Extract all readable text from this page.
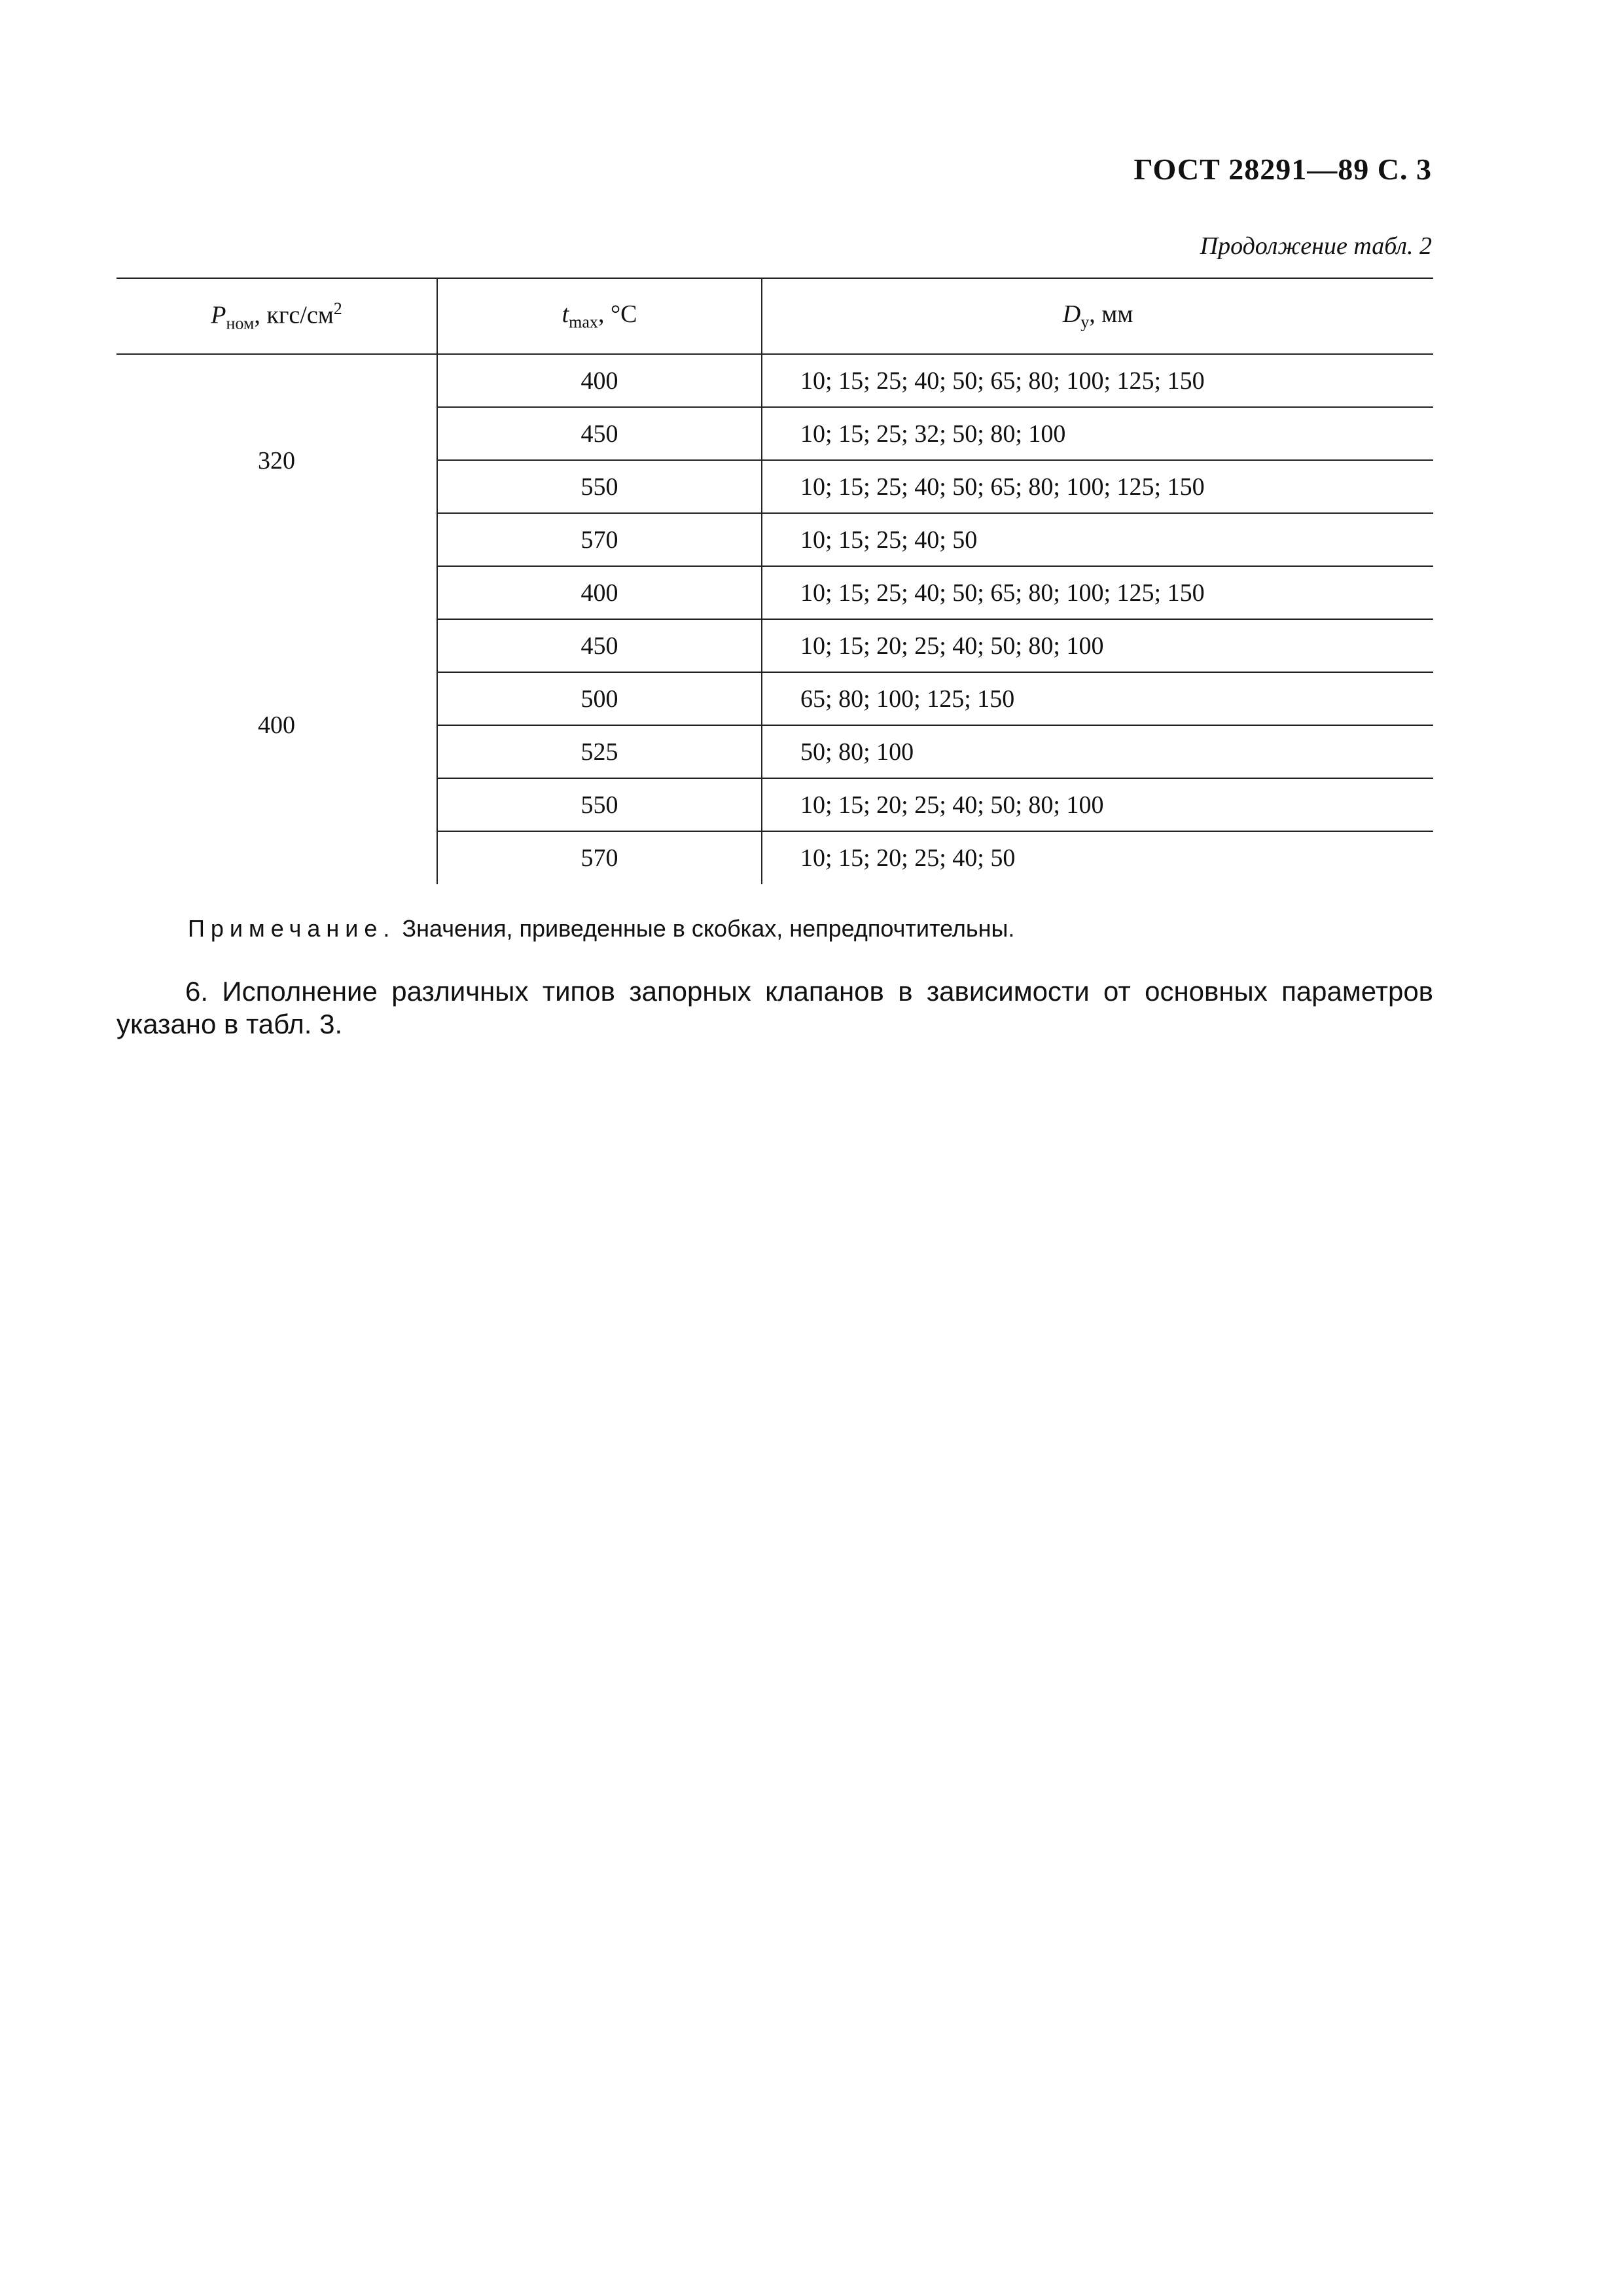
ГОСТ 28291—89 С. 3
Продолжение табл. 2
$P_{ном}$, кгс/$см^2$	$t_{max}$, °C	$D_у$, мм
320	400	10; 15; 25; 40; 50; 65; 80; 100; 125; 150
	450	10; 15; 25; 32; 50; 80; 100
	550	10; 15; 25; 40; 50; 65; 80; 100; 125; 150
	570	10; 15; 25; 40; 50
400	400	10; 15; 25; 40; 50; 65; 80; 100; 125; 150
	450	10; 15; 20; 25; 40; 50; 80; 100
	500	65; 80; 100; 125; 150
	525	50; 80; 100
	550	10; 15; 20; 25; 40; 50; 80; 100
	570	10; 15; 20; 25; 40; 50
Примечание. Значения, приведенные в скобках, непредпочтительны.
6. Исполнение различных типов запорных клапанов в зависимости от основных параметров указано в табл. 3.
